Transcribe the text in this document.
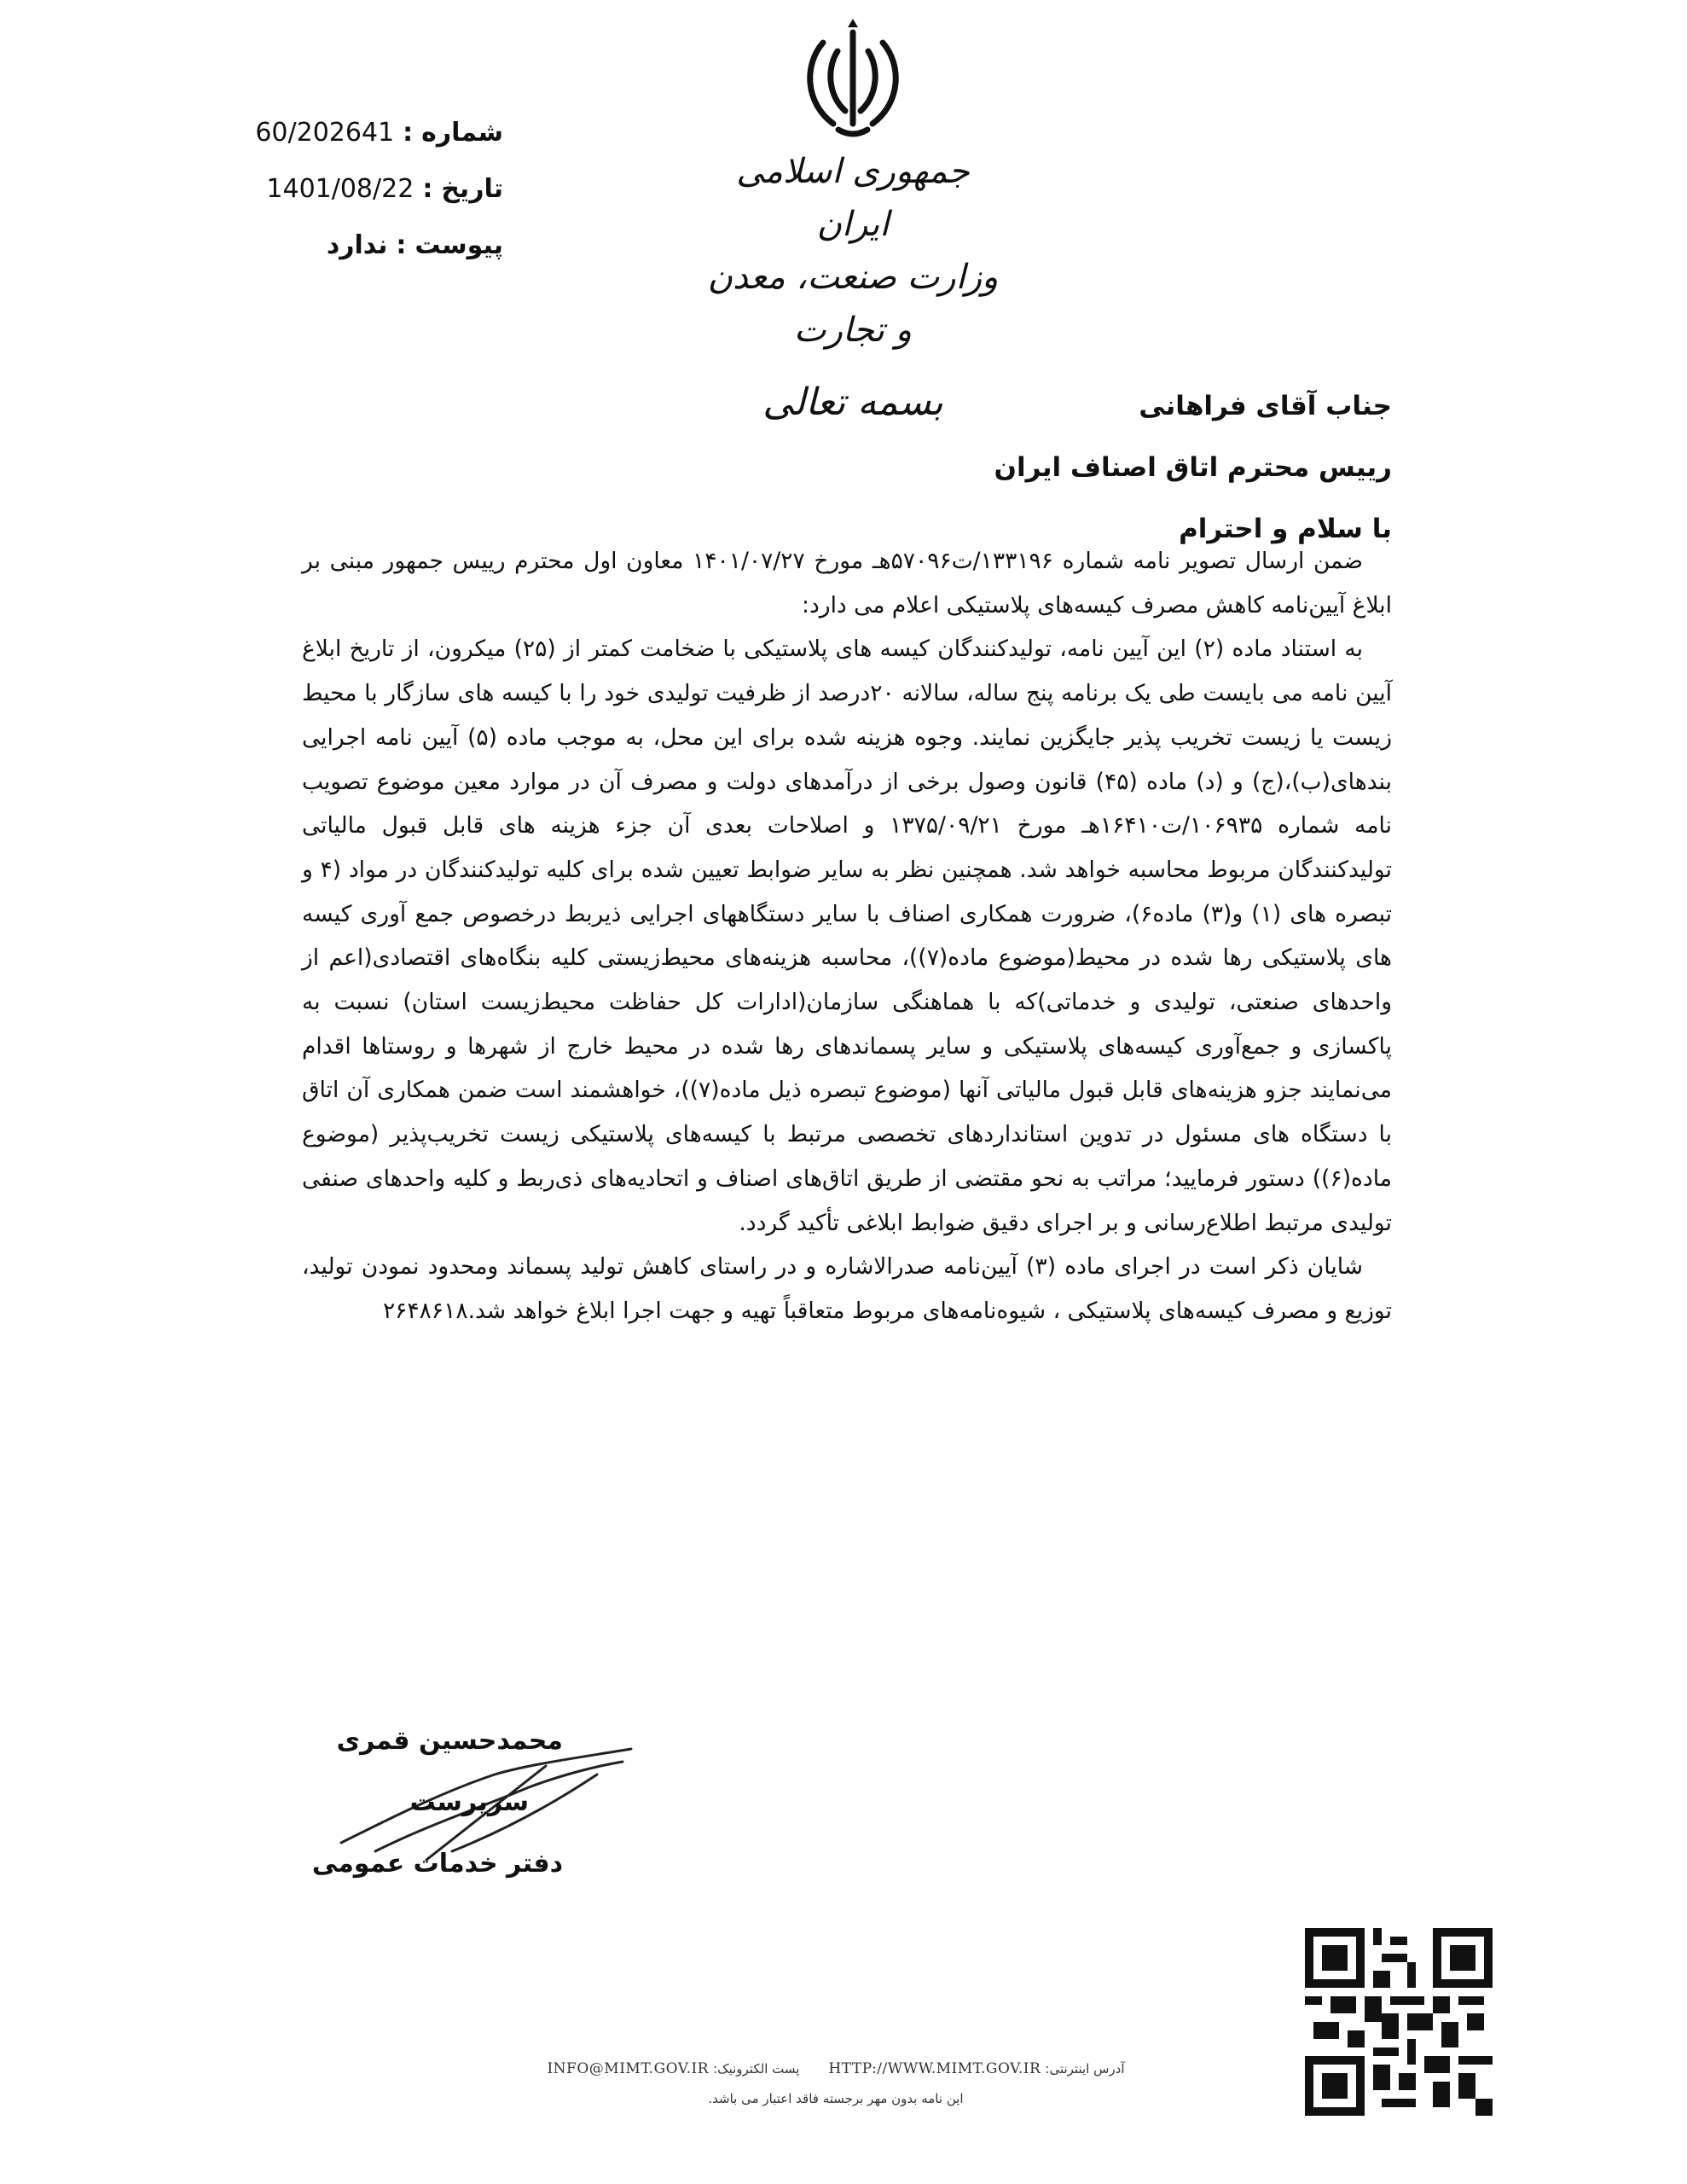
جمهوری اسلامی ایران
وزارت صنعت، معدن و تجارت
بسمه تعالی
شماره
:
60/202641
تاریخ
:
1401/08/22
پیوست
:
ندارد
جناب آقای فراهانی
رییس محترم اتاق اصناف ایران
با سلام و احترام

ضمن ارسال تصویر نامه شماره ۱۳۳۱۹۶/ت۵۷۰۹۶هـ مورخ ۱۴۰۱/۰۷/۲۷ معاون اول محترم رییس جمهور مبنی بر ابلاغ آیین‌نامه کاهش مصرف کیسه‌های پلاستیکی اعلام می دارد:

به استناد ماده (۲) این آیین نامه، تولیدکنندگان کیسه های پلاستیکی با ضخامت کمتر از (۲۵) میکرون، از تاریخ ابلاغ آیین نامه می بایست طی یک برنامه پنج ساله، سالانه ۲۰درصد از ظرفیت تولیدی خود را با کیسه های سازگار با محیط زیست یا زیست تخریب پذیر جایگزین نمایند. وجوه هزینه شده برای این محل، به موجب ماده (۵) آیین نامه اجرایی بندهای(ب)،(ج) و (د) ماده (۴۵) قانون وصول برخی از درآمدهای دولت و مصرف آن در موارد معین موضوع تصویب نامه شماره ۱۰۶۹۳۵/ت۱۶۴۱۰هـ مورخ ۱۳۷۵/۰۹/۲۱ و اصلاحات بعدی آن جزء هزینه های قابل قبول مالیاتی تولیدکنندگان مربوط محاسبه خواهد شد. همچنین نظر به سایر ضوابط تعیین شده برای کلیه تولیدکنندگان در مواد (۴ و تبصره های (۱) و(۳) ماده۶)، ضرورت همکاری اصناف با سایر دستگاههای اجرایی ذیربط درخصوص جمع آوری کیسه های پلاستیکی رها شده در محیط(موضوع ماده(۷))، محاسبه هزینه‌های محیط‌زیستی کلیه بنگاه‌های اقتصادی(اعم از واحدهای صنعتی، تولیدی و خدماتی)که با هماهنگی سازمان(ادارات کل حفاظت محیط‌زیست استان) نسبت به پاکسازی و جمع‌آوری کیسه‌های پلاستیکی و سایر پسماندهای رها شده در محیط خارج از شهرها و روستاها اقدام می‌نمایند جزو هزینه‌های قابل قبول مالیاتی آنها (موضوع تبصره ذیل ماده(۷))، خواهشمند است ضمن همکاری آن اتاق با دستگاه های مسئول در تدوین استانداردهای تخصصی مرتبط با کیسه‌های پلاستیکی زیست تخریب‌پذیر (موضوع ماده(۶)) دستور فرمایید؛ مراتب به نحو مقتضی از طریق اتاق‌های اصناف و اتحادیه‌های ذی‌ربط و کلیه واحدهای صنفی تولیدی مرتبط اطلاع‌رسانی و بر اجرای دقیق ضوابط ابلاغی تأکید گردد.

شایان ذکر است در اجرای ماده (۳) آیین‌نامه صدرالاشاره و در راستای کاهش تولید پسماند ومحدود نمودن تولید، توزیع و مصرف کیسه‌های پلاستیکی ، شیوه‌نامه‌های مربوط متعاقباً تهیه و جهت اجرا ابلاغ خواهد شد.۲۶۴۸۶۱۸

محمدحسین قمری
سرپرست
دفتر خدمات عمومی
آدرس اینترنتی: HTTP://WWW.MIMT.GOV.IR
پست الکترونیک: INFO@MIMT.GOV.IR
این نامه بدون مهر برجسته فاقد اعتبار می باشد.
